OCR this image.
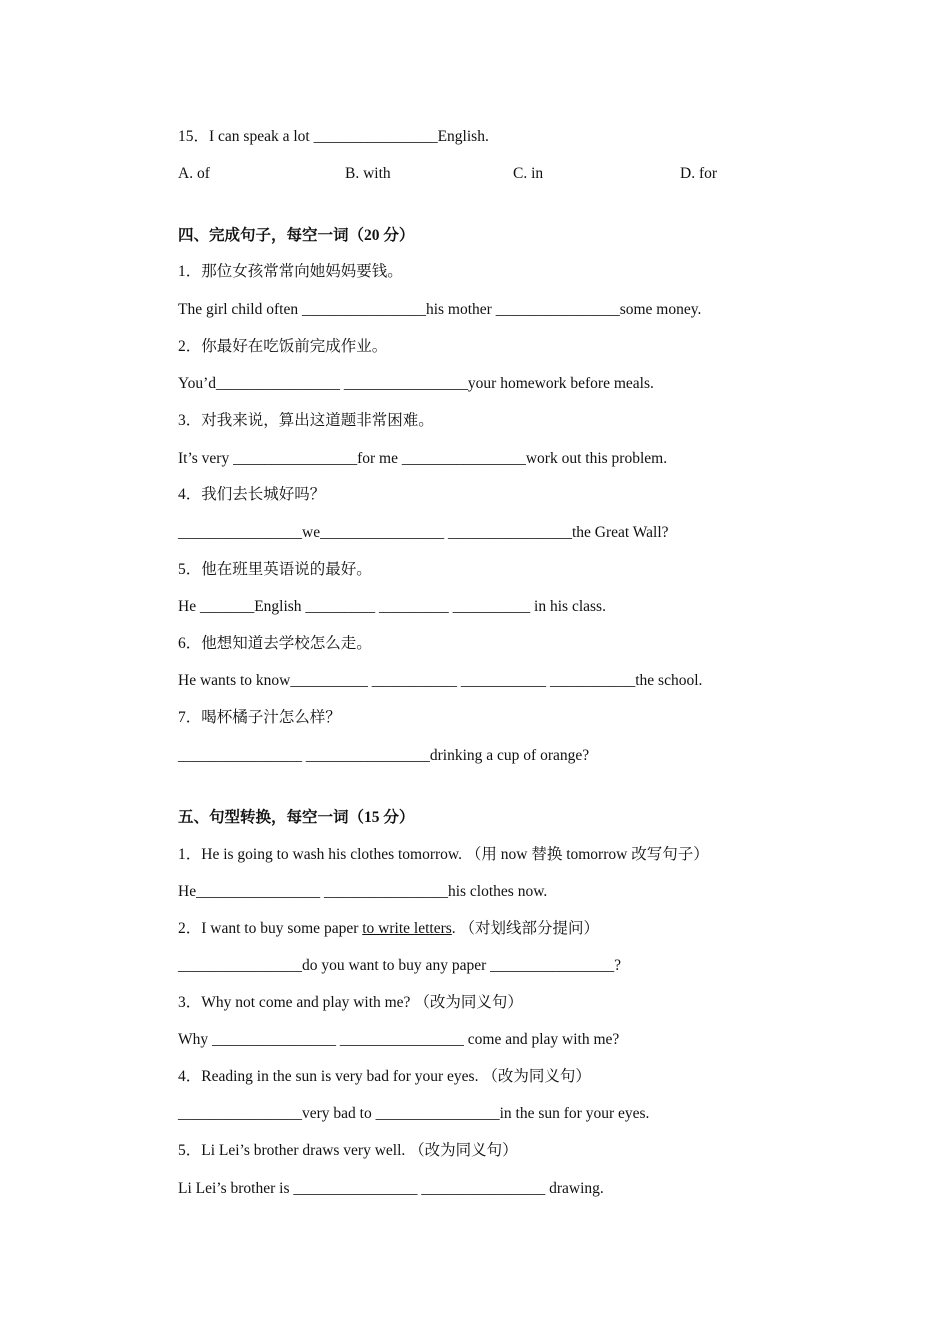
15．I can speak a lot ________________English.
A. of	B. with	C. in	D. for
四、完成句子，每空一词（20 分）
1．那位女孩常常向她妈妈要钱。
The girl child often ________________his mother ________________some money.
2．你最好在吃饭前完成作业。
You’d________________ ________________your homework before meals.
3．对我来说，算出这道题非常困难。
It’s very ________________for me ________________work out this problem.
4．我们去长城好吗？
________________we________________ ________________the Great Wall?
5．他在班里英语说的最好。
He _______English _________ _________ __________ in his class.
6．他想知道去学校怎么走。
He wants to know__________ ___________ ___________ ___________the school.
7．喝杯橘子汁怎么样？
________________ ________________drinking a cup of orange?
五、句型转换，每空一词（15 分）
1．He is going to wash his clothes tomorrow. （用 now 替换 tomorrow 改写句子）
He________________ ________________his clothes now.
2．I want to buy some paper to write letters. （对划线部分提问）
________________do you want to buy any paper ________________?
3．Why not come and play with me? （改为同义句）
Why ________________ ________________ come and play with me?
4．Reading in the sun is very bad for your eyes. （改为同义句）
________________very bad to ________________in the sun for your eyes.
5．Li Lei’s brother draws very well. （改为同义句）
Li Lei’s brother is ________________ ________________ drawing.
